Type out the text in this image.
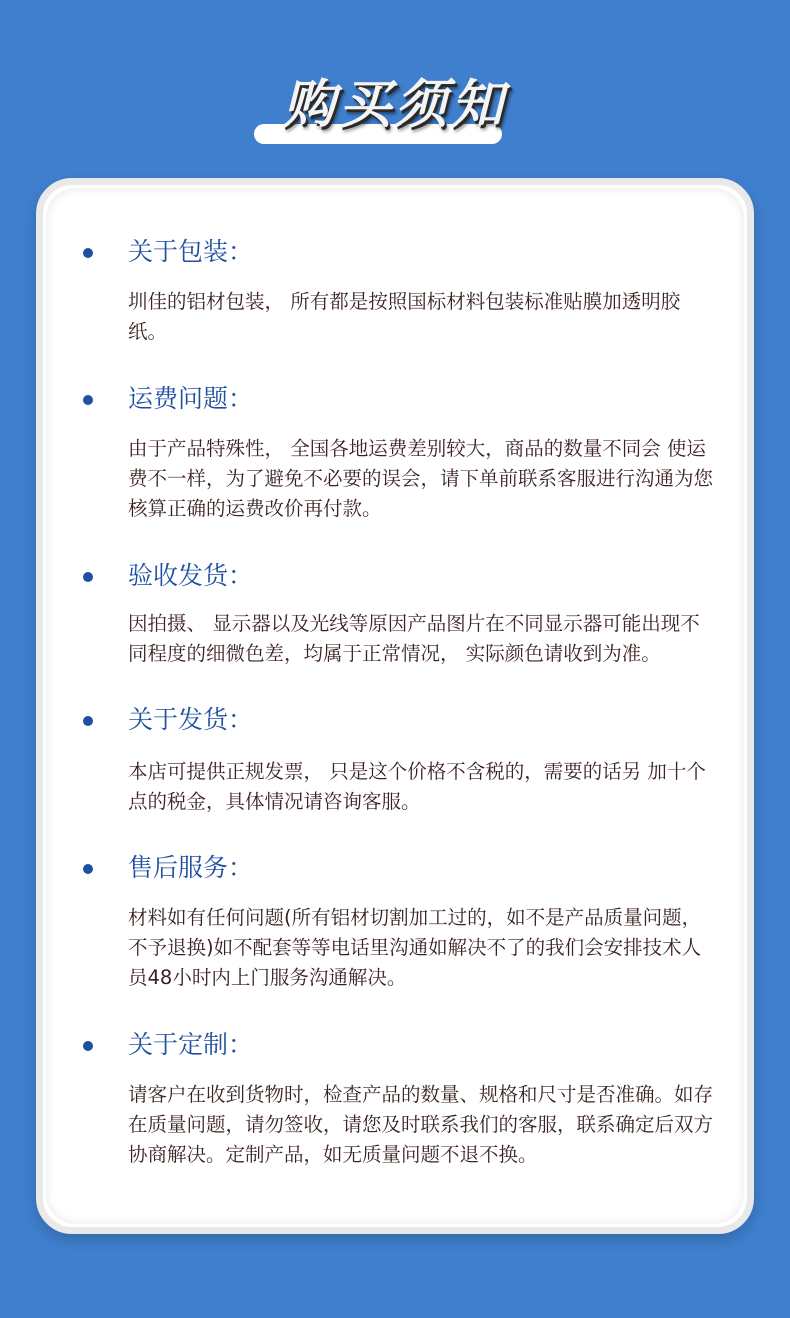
购买须知
关于包装：
圳佳的铝材包装， 所有都是按照国标材料包装标准贴膜加透明胶纸。
运费问题：
由于产品特殊性， 全国各地运费差别较大，商品的数量不同会 使运费不一样，为了避免不必要的误会，请下单前联系客服进行沟通为您核算正确的运费改价再付款。
验收发货：
因拍摄、 显示器以及光线等原因产品图片在不同显示器可能出现不同程度的细微色差，均属于正常情况， 实际颜色请收到为准。
关于发货：
本店可提供正规发票， 只是这个价格不含税的，需要的话另 加十个点的税金，具体情况请咨询客服。
售后服务：
材料如有任何问题(所有铝材切割加工过的，如不是产品质量问题，不予退换)如不配套等等电话里沟通如解决不了的我们会安排技术人员48小时内上门服务沟通解决。
关于定制：
请客户在收到货物时，检查产品的数量、规格和尺寸是否准确。如存在质量问题，请勿签收，请您及时联系我们的客服，联系确定后双方协商解决。定制产品，如无质量问题不退不换。
